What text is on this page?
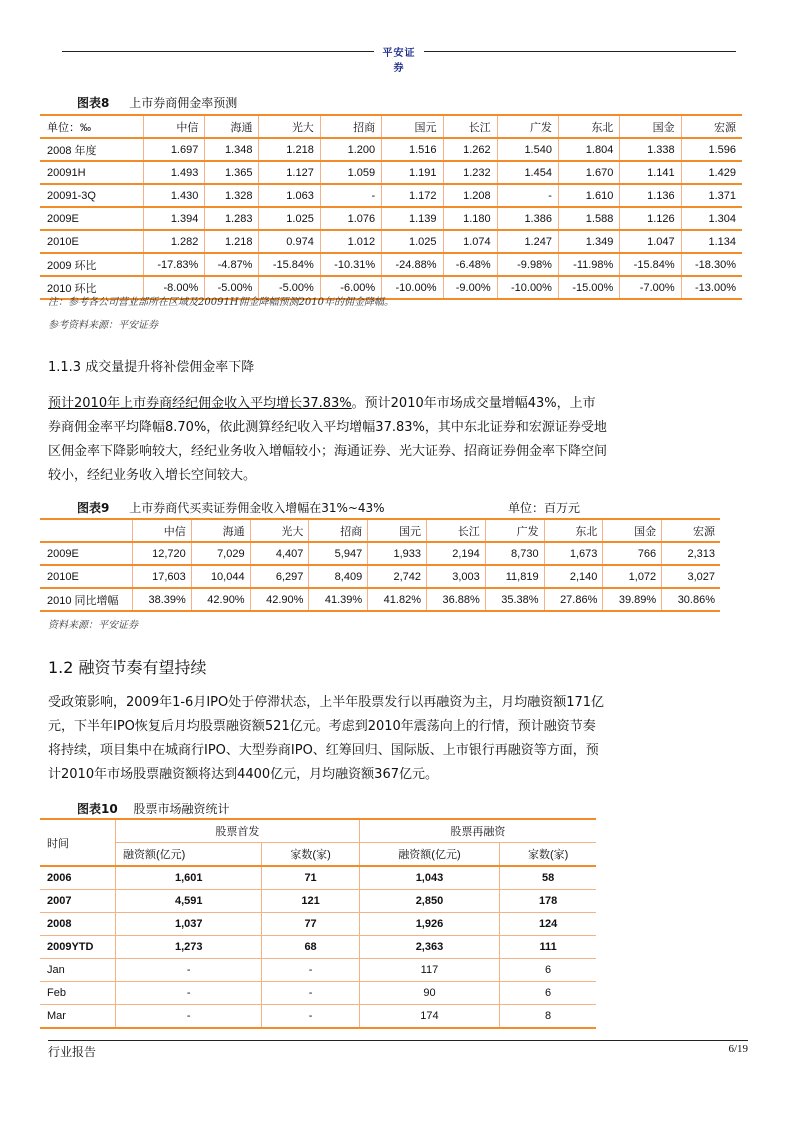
平安证券
图表8 上市券商佣金率预测
单位：‰	中信	海通	光大	招商	国元	长江	广发	东北	国金	宏源
2008 年度	1.697	1.348	1.218	1.200	1.516	1.262	1.540	1.804	1.338	1.596
20091H	1.493	1.365	1.127	1.059	1.191	1.232	1.454	1.670	1.141	1.429
20091-3Q	1.430	1.328	1.063	-	1.172	1.208	-	1.610	1.136	1.371
2009E	1.394	1.283	1.025	1.076	1.139	1.180	1.386	1.588	1.126	1.304
2010E	1.282	1.218	0.974	1.012	1.025	1.074	1.247	1.349	1.047	1.134
2009 环比	-17.83%	-4.87%	-15.84%	-10.31%	-24.88%	-6.48%	-9.98%	-11.98%	-15.84%	-18.30%
2010 环比	-8.00%	-5.00%	-5.00%	-6.00%	-10.00%	-9.00%	-10.00%	-15.00%	-7.00%	-13.00%
注：参考各公司营业部所在区域及20091H佣金降幅预测2010年的佣金降幅。
参考资料来源：平安证券
1.1.3 成交量提升将补偿佣金率下降
预计2010年上市券商经纪佣金收入平均增长37.83%。预计2010年市场成交量增幅43%，上市券商佣金率平均降幅8.70%，依此测算经纪收入平均增幅37.83%，其中东北证券和宏源证券受地区佣金率下降影响较大，经纪业务收入增幅较小；海通证券、光大证券、招商证券佣金率下降空间较小，经纪业务收入增长空间较大。
图表9 上市券商代买卖证券佣金收入增幅在31%~43%	单位：百万元
	中信	海通	光大	招商	国元	长江	广发	东北	国金	宏源
2009E	12,720	7,029	4,407	5,947	1,933	2,194	8,730	1,673	766	2,313
2010E	17,603	10,044	6,297	8,409	2,742	3,003	11,819	2,140	1,072	3,027
2010 同比增幅	38.39%	42.90%	42.90%	41.39%	41.82%	36.88%	35.38%	27.86%	39.89%	30.86%
资料来源：平安证券
1.2 融资节奏有望持续
受政策影响，2009年1-6月IPO处于停滞状态，上半年股票发行以再融资为主，月均融资额171亿元，下半年IPO恢复后月均股票融资额521亿元。考虑到2010年震荡向上的行情，预计融资节奏将持续，项目集中在城商行IPO、大型券商IPO、红筹回归、国际版、上市银行再融资等方面，预计2010年市场股票融资额将达到4400亿元，月均融资额367亿元。
图表10 股票市场融资统计
时间	股票首发		股票再融资	
	融资额(亿元)	家数(家)	融资额(亿元)	家数(家)
2006	1,601	71	1,043	58
2007	4,591	121	2,850	178
2008	1,037	77	1,926	124
2009YTD	1,273	68	2,363	111
Jan	-	-	117	6
Feb	-	-	90	6
Mar	-	-	174	8
行业报告	6/19
